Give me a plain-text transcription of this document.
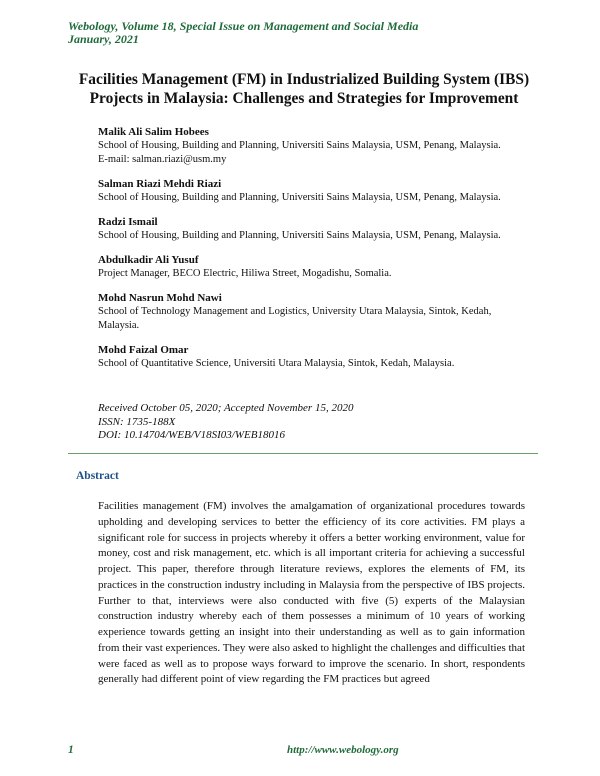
Webology, Volume 18, Special Issue on Management and Social Media
January, 2021
Facilities Management (FM) in Industrialized Building System (IBS)
Projects in Malaysia: Challenges and Strategies for Improvement
Malik Ali Salim Hobees
School of Housing, Building and Planning, Universiti Sains Malaysia, USM, Penang, Malaysia.
E-mail: salman.riazi@usm.my
Salman Riazi Mehdi Riazi
School of Housing, Building and Planning, Universiti Sains Malaysia, USM, Penang, Malaysia.
Radzi Ismail
School of Housing, Building and Planning, Universiti Sains Malaysia, USM, Penang, Malaysia.
Abdulkadir Ali Yusuf
Project Manager, BECO Electric, Hiliwa Street, Mogadishu, Somalia.
Mohd Nasrun Mohd Nawi
School of Technology Management and Logistics, University Utara Malaysia, Sintok, Kedah,
Malaysia.
Mohd Faizal Omar
School of Quantitative Science, Universiti Utara Malaysia, Sintok, Kedah, Malaysia.
Received October 05, 2020; Accepted November 15, 2020
ISSN: 1735-188X
DOI: 10.14704/WEB/V18SI03/WEB18016
Abstract
Facilities management (FM) involves the amalgamation of organizational procedures towards upholding and developing services to better the efficiency of its core activities. FM plays a significant role for success in projects whereby it offers a better working environment, value for money, cost and risk management, etc. which is all important criteria for achieving a successful project. This paper, therefore through literature reviews, explores the elements of FM, its practices in the construction industry including in Malaysia from the perspective of IBS projects. Further to that, interviews were also conducted with five (5) experts of the Malaysian construction industry whereby each of them possesses a minimum of 10 years of working experience towards getting an insight into their understanding as well as to gain information from their vast experiences. They were also asked to highlight the challenges and difficulties that were faced as well as to propose ways forward to improve the scenario. In short, respondents generally had different point of view regarding the FM practices but agreed
1	http://www.webology.org
